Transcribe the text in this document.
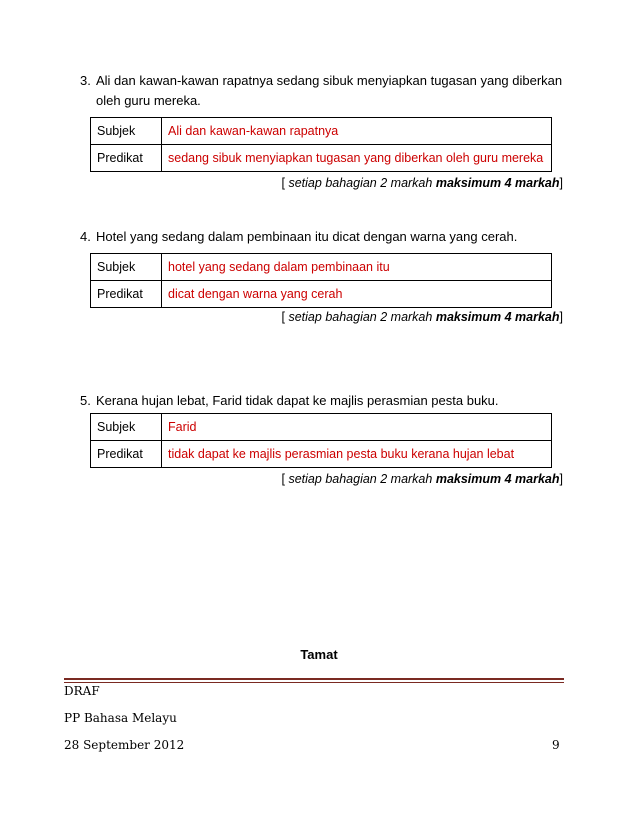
3. Ali dan kawan-kawan rapatnya sedang sibuk menyiapkan tugasan yang diberkan
oleh guru mereka.
Subjek	Ali dan kawan-kawan rapatnya
Predikat	sedang sibuk menyiapkan tugasan yang diberkan oleh guru mereka
[ setiap bahagian 2 markah maksimum 4 markah]
4. Hotel yang sedang dalam pembinaan itu dicat dengan warna yang cerah.
Subjek	hotel yang sedang dalam pembinaan itu
Predikat	dicat dengan warna yang cerah
[ setiap bahagian 2 markah maksimum 4 markah]
5. Kerana hujan lebat, Farid tidak dapat ke majlis perasmian pesta buku.
Subjek	Farid
Predikat	tidak dapat ke majlis perasmian pesta buku kerana hujan lebat
[ setiap bahagian 2 markah maksimum 4 markah]
Tamat
DRAF
PP Bahasa Melayu
28 September 2012	9
